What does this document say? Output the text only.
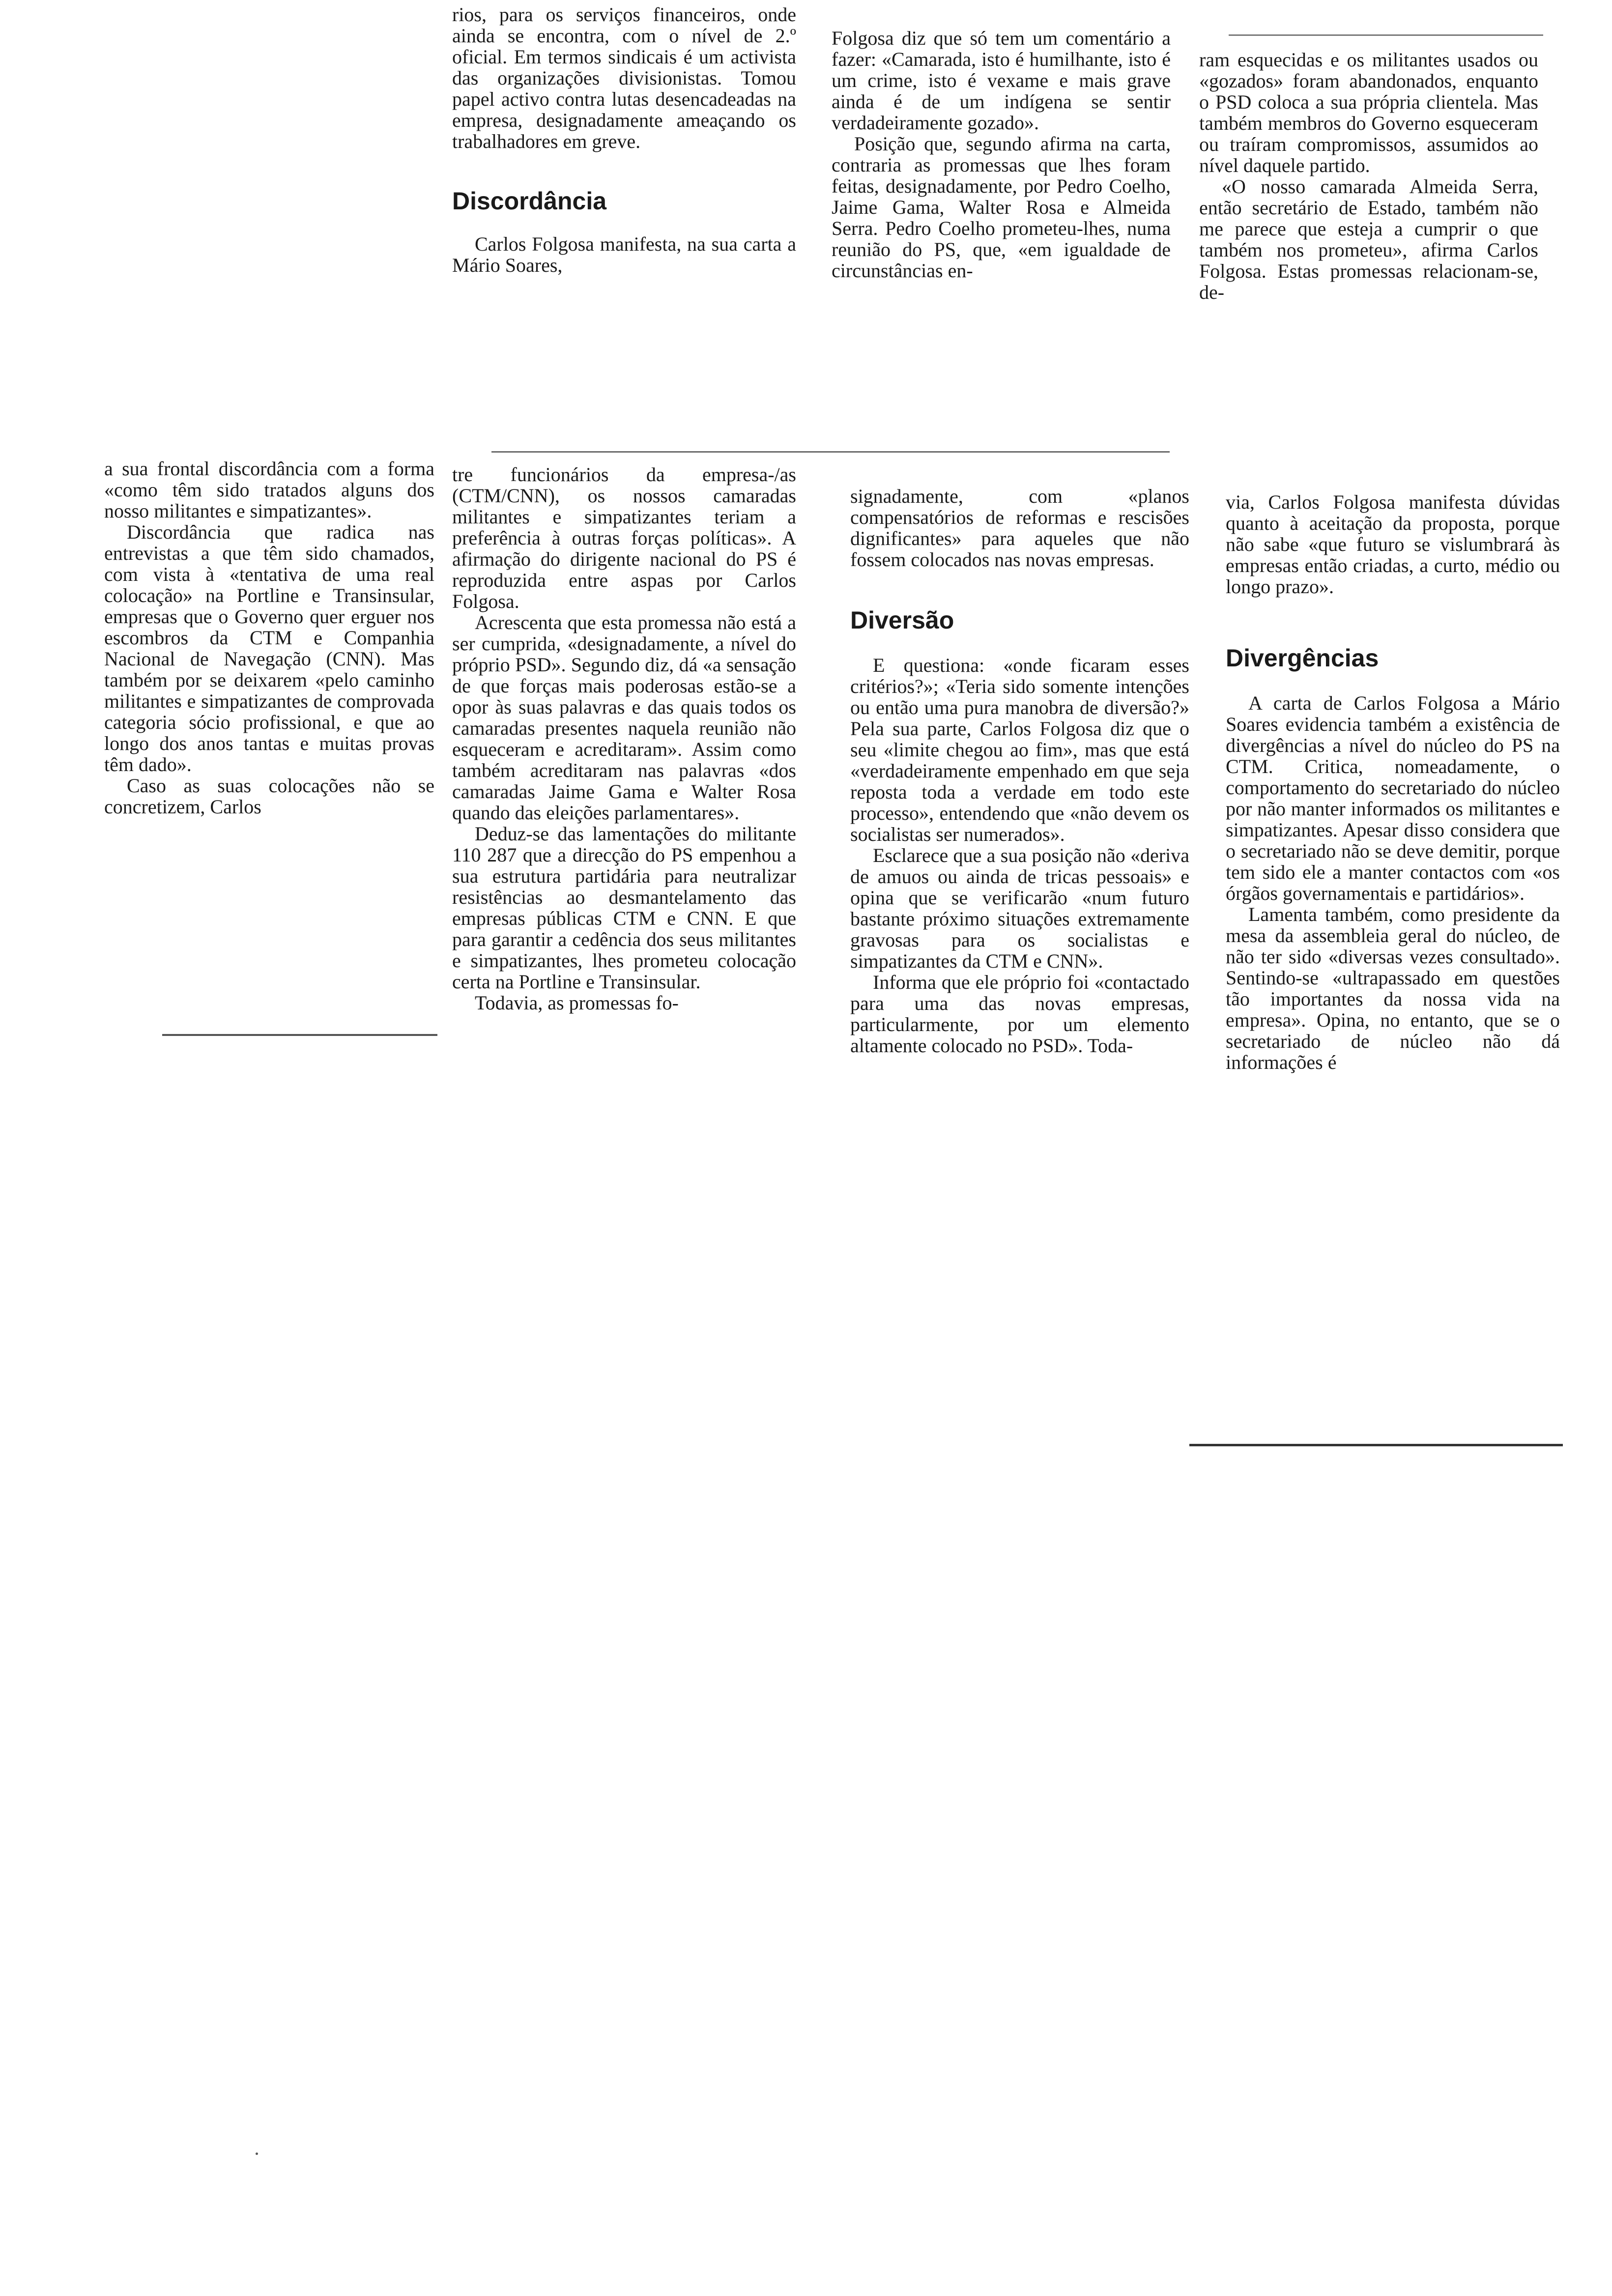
a sua frontal discordância com a forma «como têm sido tratados alguns dos nosso militantes e simpatizantes».

Discordância que radica nas entrevistas a que têm sido chamados, com vista à «tentativa de uma real colocação» na Portline e Transinsular, empresas que o Governo quer erguer nos escombros da CTM e Companhia Nacional de Navegação (CNN). Mas também por se deixarem «pelo caminho militantes e simpatizantes de comprovada categoria sócio profissional, e que ao longo dos anos tantas e muitas provas têm dado».

Caso as suas colocações não se concretizem, Carlos

rios, para os serviços financeiros, onde ainda se encontra, com o nível de 2.º oficial. Em termos sindicais é um activista das organizações divisionistas. Tomou papel activo contra lutas desencadeadas na empresa, designadamente ameaçando os trabalhadores em greve.

Discordância

Carlos Folgosa manifesta, na sua carta a Mário Soares,

tre funcionários da empresa-/as (CTM/CNN), os nossos camaradas militantes e simpatizantes teriam a preferência à outras forças políticas». A afirmação do dirigente nacional do PS é reproduzida entre aspas por Carlos Folgosa.

Acrescenta que esta promessa não está a ser cumprida, «designadamente, a nível do próprio PSD». Segundo diz, dá «a sensação de que forças mais poderosas estão-se a opor às suas palavras e das quais todos os camaradas presentes naquela reunião não esqueceram e acreditaram». Assim como também acreditaram nas palavras «dos camaradas Jaime Gama e Walter Rosa quando das eleições parlamentares».

Deduz-se das lamentações do militante 110 287 que a direcção do PS empenhou a sua estrutura partidária para neutralizar resistências ao desmantelamento das empresas públicas CTM e CNN. E que para garantir a cedência dos seus militantes e simpatizantes, lhes prometeu colocação certa na Portline e Transinsular.

Todavia, as promessas fo-

Folgosa diz que só tem um comentário a fazer: «Camarada, isto é humilhante, isto é um crime, isto é vexame e mais grave ainda é de um indígena se sentir verdadeiramente gozado».

Posição que, segundo afirma na carta, contraria as promessas que lhes foram feitas, designadamente, por Pedro Coelho, Jaime Gama, Walter Rosa e Almeida Serra. Pedro Coelho prometeu-lhes, numa reunião do PS, que, «em igualdade de circunstâncias en-

signadamente, com «planos compensatórios de reformas e rescisões dignificantes» para aqueles que não fossem colocados nas novas empresas.

Diversão

E questiona: «onde ficaram esses critérios?»; «Teria sido somente intenções ou então uma pura manobra de diversão?» Pela sua parte, Carlos Folgosa diz que o seu «limite chegou ao fim», mas que está «verdadeiramente empenhado em que seja reposta toda a verdade em todo este processo», entendendo que «não devem os socialistas ser numerados».

Esclarece que a sua posição não «deriva de amuos ou ainda de tricas pessoais» e opina que se verificarão «num futuro bastante próximo situações extremamente gravosas para os socialistas e simpatizantes da CTM e CNN».

Informa que ele próprio foi «contactado para uma das novas empresas, particularmente, por um elemento altamente colocado no PSD». Toda-

ram esquecidas e os militantes usados ou «gozados» foram abandonados, enquanto o PSD coloca a sua própria clientela. Mas também membros do Governo esqueceram ou traíram compromissos, assumidos ao nível daquele partido.

«O nosso camarada Almeida Serra, então secretário de Estado, também não me parece que esteja a cumprir o que também nos prometeu», afirma Carlos Folgosa. Estas promessas relacionam-se, de-

via, Carlos Folgosa manifesta dúvidas quanto à aceitação da proposta, porque não sabe «que futuro se vislumbrará às empresas então criadas, a curto, médio ou longo prazo».

Divergências

A carta de Carlos Folgosa a Mário Soares evidencia também a existência de divergências a nível do núcleo do PS na CTM. Critica, nomeadamente, o comportamento do secretariado do núcleo por não manter informados os militantes e simpatizantes. Apesar disso considera que o secretariado não se deve demitir, porque tem sido ele a manter contactos com «os órgãos governamentais e partidários».

Lamenta também, como presidente da mesa da assembleia geral do núcleo, de não ter sido «diversas vezes consultado». Sentindo-se «ultrapassado em questões tão importantes da nossa vida na empresa». Opina, no entanto, que se o secretariado de núcleo não dá informações é
